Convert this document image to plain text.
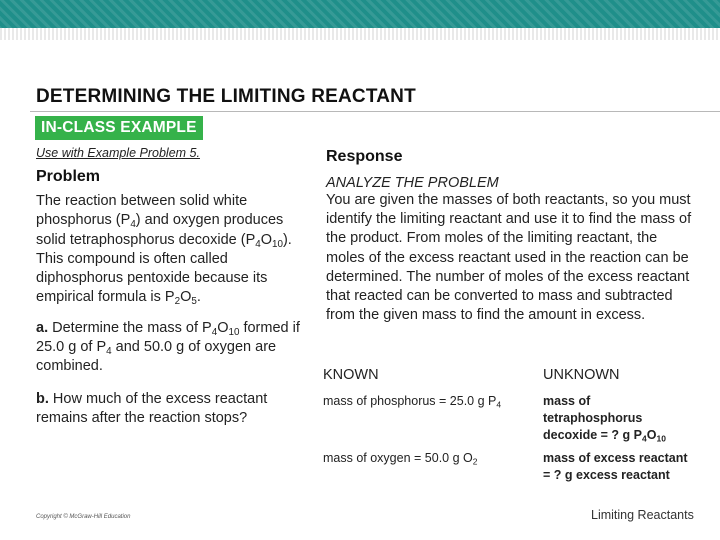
DETERMINING THE LIMITING REACTANT
IN-CLASS EXAMPLE
Use with Example Problem 5.
Problem
The reaction between solid white phosphorus $(P_4)$ and oxygen produces solid tetraphosphorus decoxide $(P_4O_{10})$. This compound is often called diphosphorus pentoxide because its empirical formula is $P_2O_5$.
a. Determine the mass of $P_4O_{10}$ formed if 25.0 g of $P_4$ and 50.0 g of oxygen are combined.
b. How much of the excess reactant remains after the reaction stops?
Response
ANALYZE THE PROBLEM
You are given the masses of both reactants, so you must identify the limiting reactant and use it to find the mass of the product. From moles of the limiting reactant, the moles of the excess reactant used in the reaction can be determined. The number of moles of the excess reactant that reacted can be converted to mass and subtracted from the given mass to find the amount in excess.
KNOWN	UNKNOWN
mass of phosphorus = 25.0 g $P_4$
mass of oxygen = 50.0 g $O_2$
mass of tetraphosphorus decoxide = ? g $P_4O_{10}$
mass of excess reactant = ? g excess reactant
Copyright © McGraw-Hill Education	Limiting Reactants
